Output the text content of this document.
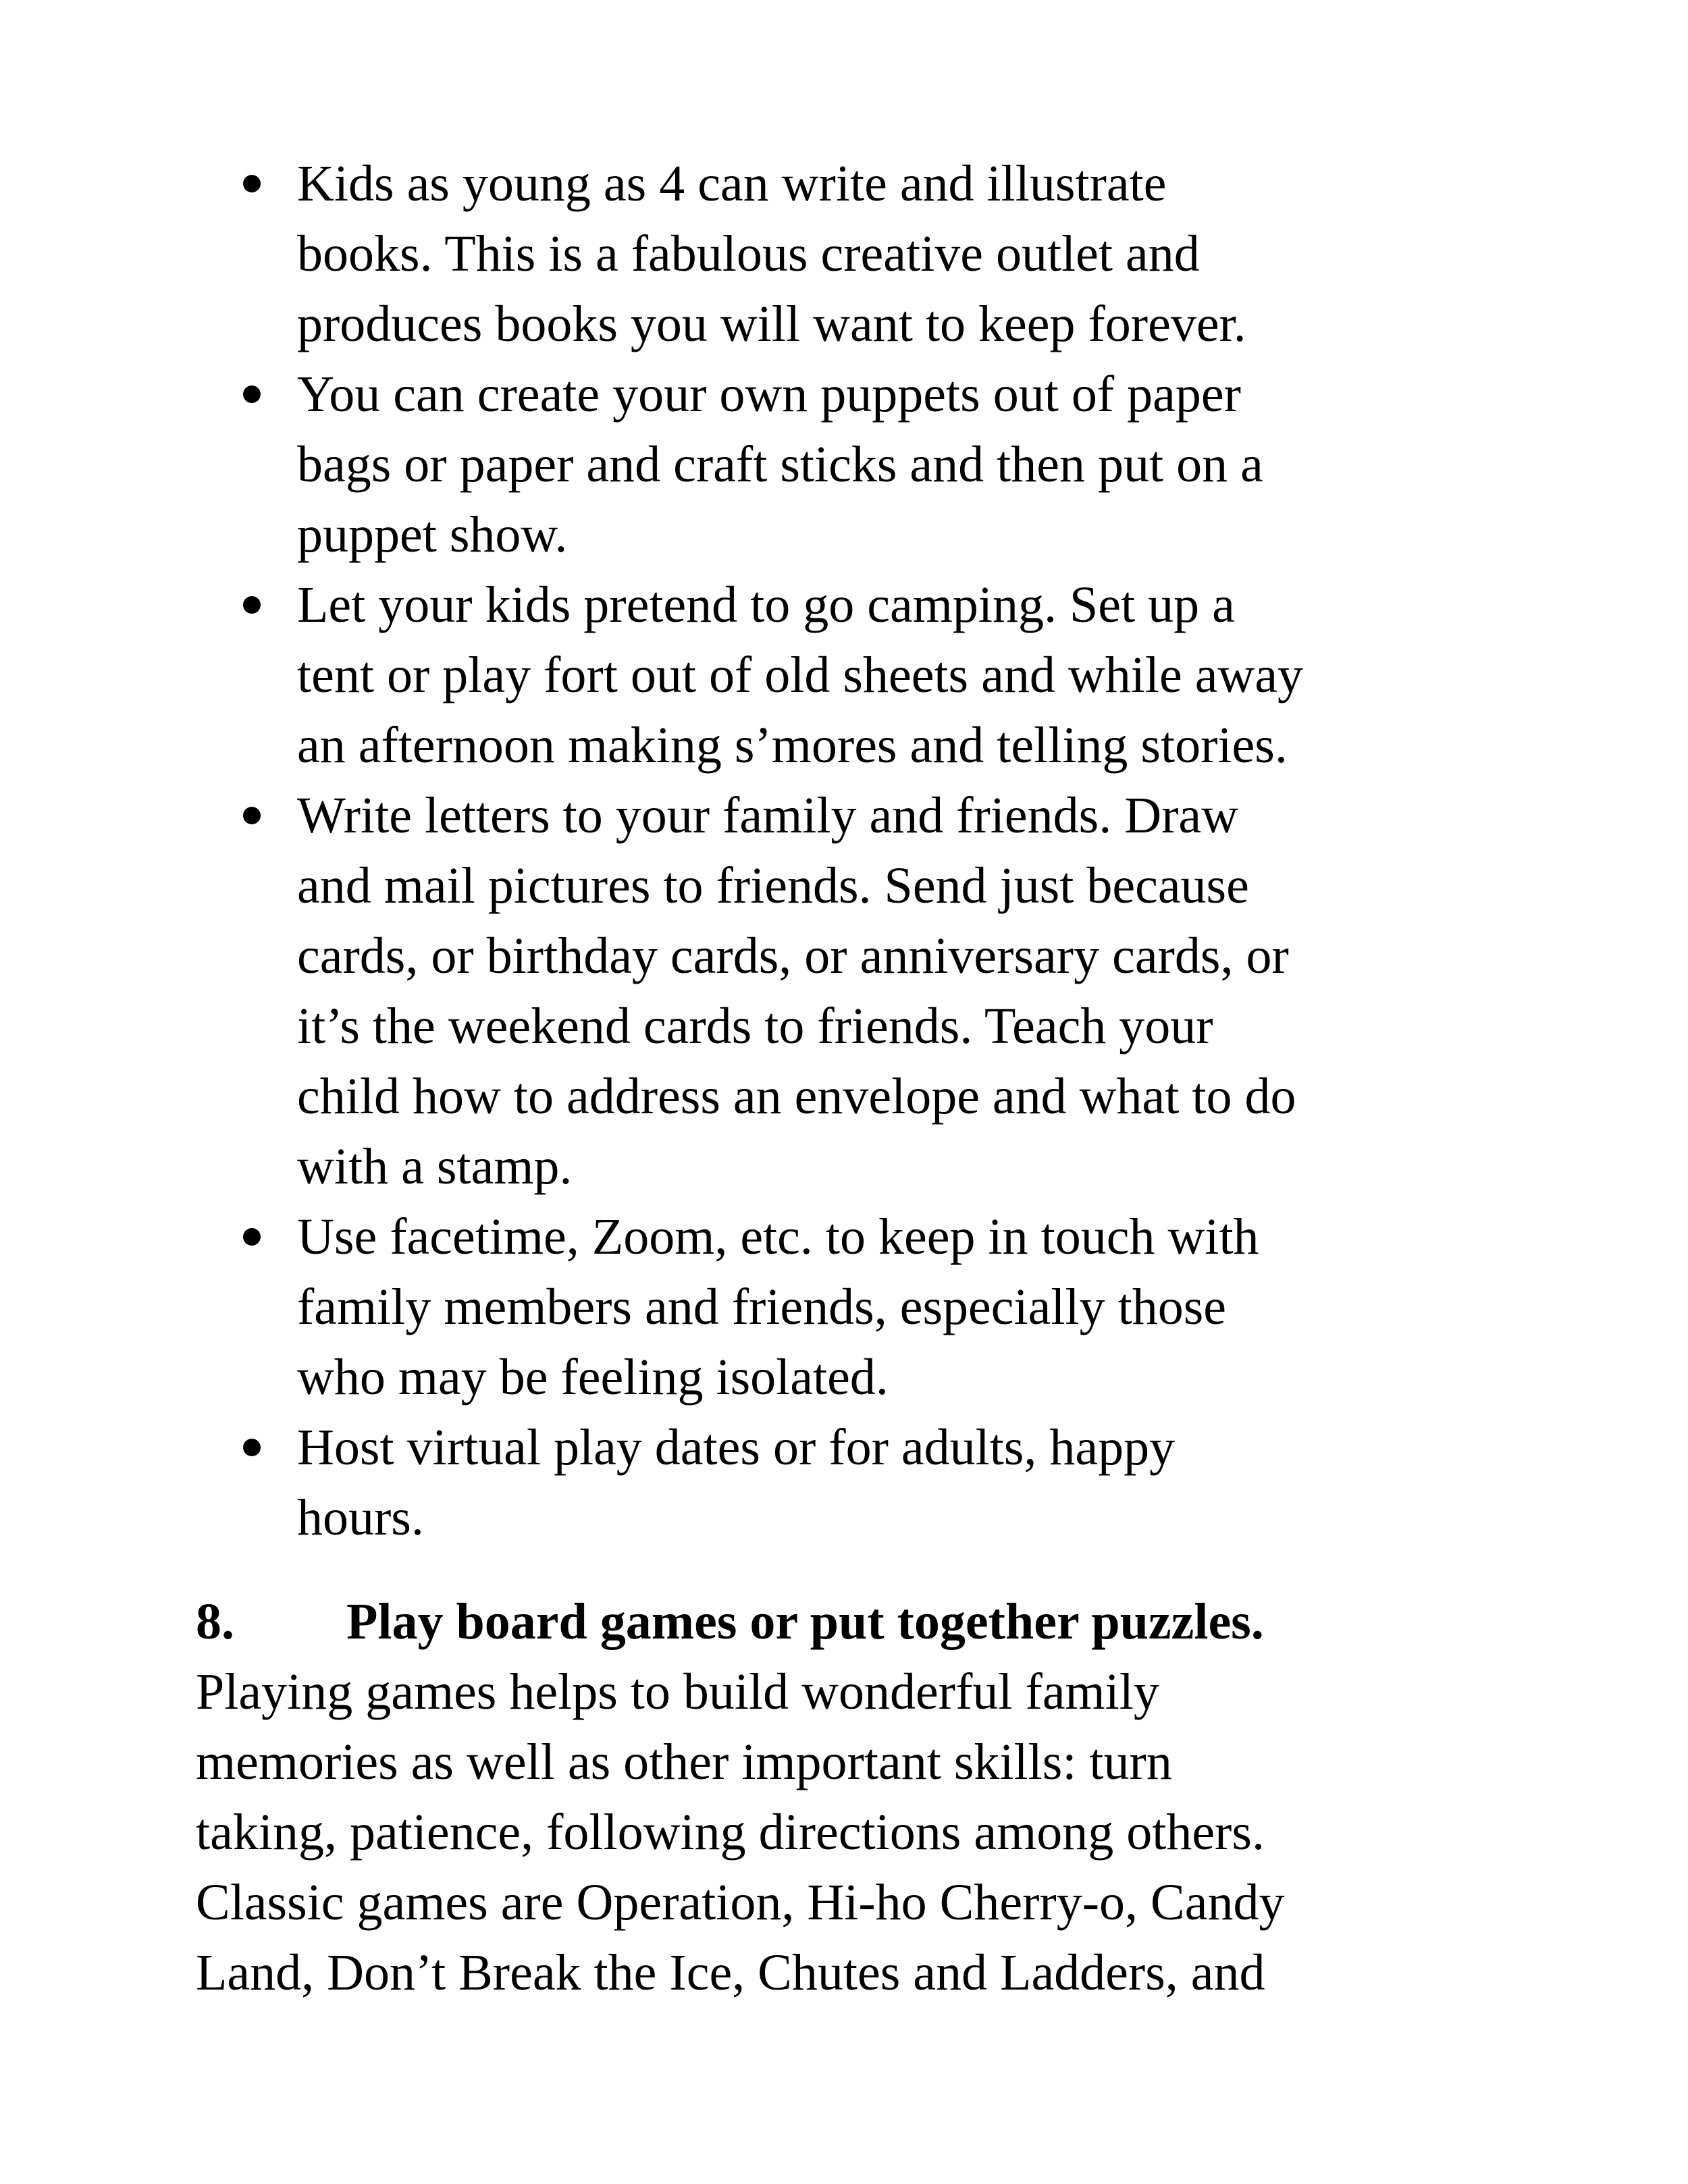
Kids as young as 4 can write and illustrate
books. This is a fabulous creative outlet and
produces books you will want to keep forever.
You can create your own puppets out of paper
bags or paper and craft sticks and then put on a
puppet show.
Let your kids pretend to go camping. Set up a
tent or play fort out of old sheets and while away
an afternoon making s’mores and telling stories.
Write letters to your family and friends. Draw
and mail pictures to friends. Send just because
cards, or birthday cards, or anniversary cards, or
it’s the weekend cards to friends. Teach your
child how to address an envelope and what to do
with a stamp.
Use facetime, Zoom, etc. to keep in touch with
family members and friends, especially those
who may be feeling isolated.
Host virtual play dates or for adults, happy
hours.
8. Play board games or put together puzzles.
Playing games helps to build wonderful family
memories as well as other important skills: turn
taking, patience, following directions among others.
Classic games are Operation, Hi-ho Cherry-o, Candy
Land, Don’t Break the Ice, Chutes and Ladders, and
